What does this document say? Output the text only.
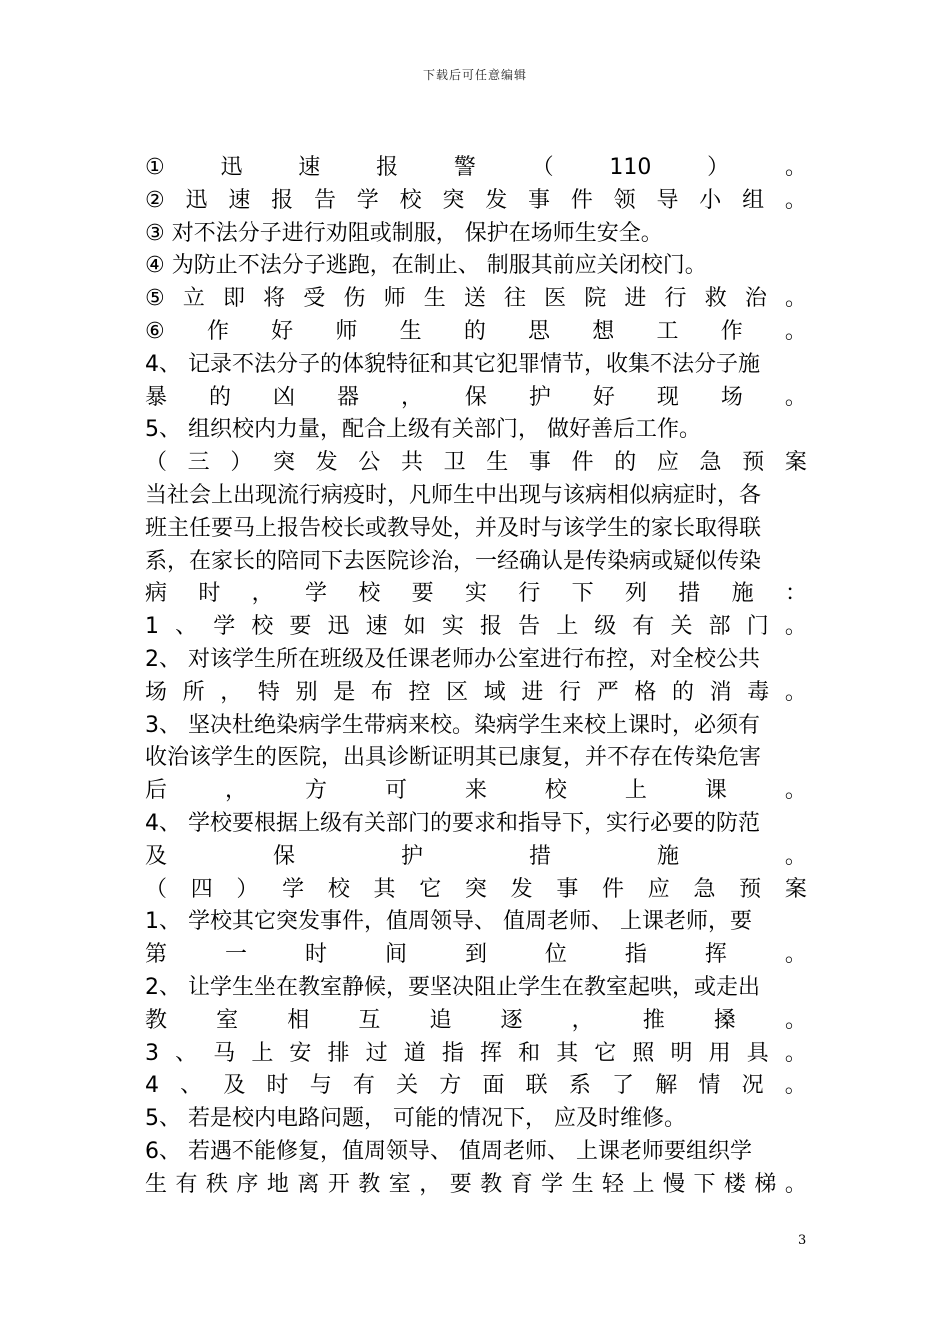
下载后可任意编辑
①	迅	速	报	警	（	110	）	。
② 迅 速 报 告 学 校 突 发 事 件 领 导 小 组 。
③ 对不法分子进行劝阻或制服， 保护在场师生安全。
④ 为防止不法分子逃跑，在制止、 制服其前应关闭校门。
⑤ 立 即 将 受 伤 师 生 送 往 医 院 进 行 救 治 。
⑥ 作 好 师 生 的 思 想 工 作 。
4、 记录不法分子的体貌特征和其它犯罪情节，收集不法分子施
暴 的 凶 器 ， 保 护 好 现 场 。
5、 组织校内力量，配合上级有关部门， 做好善后工作。
（ 三 ） 突 发 公 共 卫 生 事 件 的 应 急 预 案
当社会上出现流行病疫时，凡师生中出现与该病相似病症时，各
班主任要马上报告校长或教导处，并及时与该学生的家长取得联
系，在家长的陪同下去医院诊治，一经确认是传染病或疑似传染
病 时 ， 学 校 要 实 行 下 列 措 施 ：
1 、 学 校 要 迅 速 如 实 报 告 上 级 有 关 部 门 。
2、 对该学生所在班级及任课老师办公室进行布控，对全校公共
场 所 ， 特 别 是 布 控 区 域 进 行 严 格 的 消 毒 。
3、 坚决杜绝染病学生带病来校。染病学生来校上课时，必须有
收治该学生的医院，出具诊断证明其已康复，并不存在传染危害
后	，	方	可	来	校	上	课	。
4、 学校要根据上级有关部门的要求和指导下，实行必要的防范
及	保	护	措	施	。
（ 四 ） 学 校 其 它 突 发 事 件 应 急 预 案
1、 学校其它突发事件，值周领导、 值周老师、 上课老师，要
第	一	时	间	到	位	指	挥	。
2、 让学生坐在教室静候，要坚决阻止学生在教室起哄，或走出
教 室 相 互 追 逐 ， 推 搡 。
3 、 马 上 安 排 过 道 指 挥 和 其 它 照 明 用 具 。
4 、 及 时 与 有 关 方 面 联 系 了 解 情 况 。
5、 若是校内电路问题， 可能的情况下， 应及时维修。
6、 若遇不能修复，值周领导、 值周老师、 上课老师要组织学
生 有 秩 序 地 离 开 教 室 ， 要 教 育 学 生 轻 上 慢 下 楼 梯 。
3
